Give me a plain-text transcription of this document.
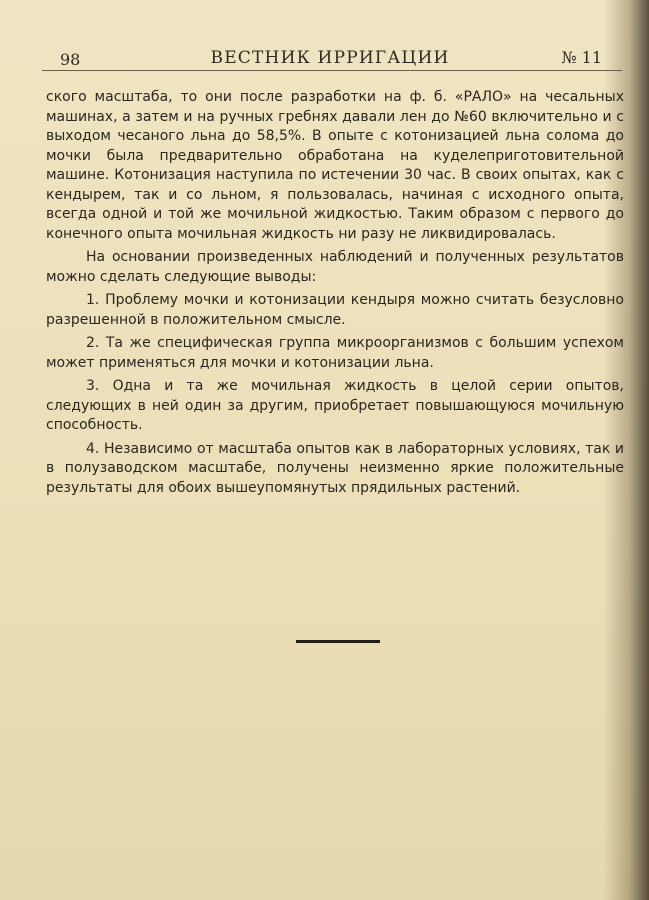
98	ВЕСТНИК ИРРИГАЦИИ	№ 11

ского масштаба, то они после разработки на ф. б. «РАЛО» на чесальных машинах, а затем и на ручных гребнях давали лен до №60 включительно и с выходом чесаного льна до 58,5%. В опыте с котонизацией льна солома до мочки была предварительно обработана на куделеприготовительной машине. Котонизация наступила по истечении 30 час. В своих опытах, как с кендырем, так и со льном, я пользовалась, начиная с исходного опыта, всегда одной и той же мочильной жидкостью. Таким образом с первого до конечного опыта мочильная жидкость ни разу не ликвидировалась.

На основании произведенных наблюдений и полученных результатов можно сделать следующие выводы:

1. Проблему мочки и котонизации кендыря можно считать безусловно разрешенной в положительном смысле.

2. Та же специфическая группа микроорганизмов с большим успехом может применяться для мочки и котонизации льна.

3. Одна и та же мочильная жидкость в целой серии опытов, следующих в ней один за другим, приобретает повышающуюся мочильную способность.

4. Независимо от масштаба опытов как в лабораторных условиях, так и в полузаводском масштабе, получены неизменно яркие положительные результаты для обоих вышеупомянутых прядильных растений.
